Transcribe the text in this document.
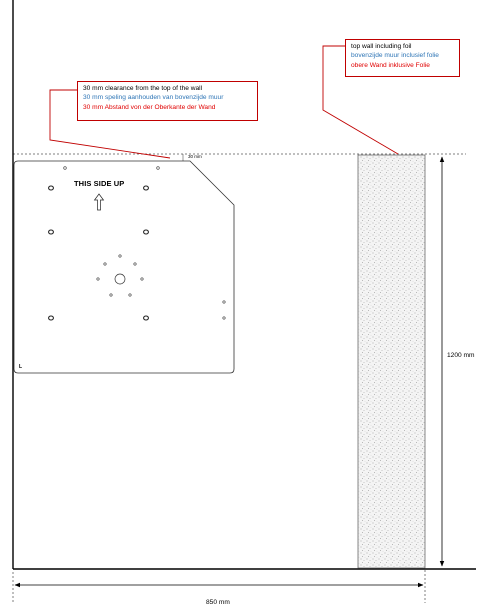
30 mm clearance from the top of the wall
30 mm speling aanhouden van bovenzijde muur
30 mm Abstand von der Oberkante der Wand
top wall including foil
bovenzijde muur inclusief folie
obere Wand inklusive Folie
THIS SIDE UP
L
30 mm
1200 mm
850 mm
